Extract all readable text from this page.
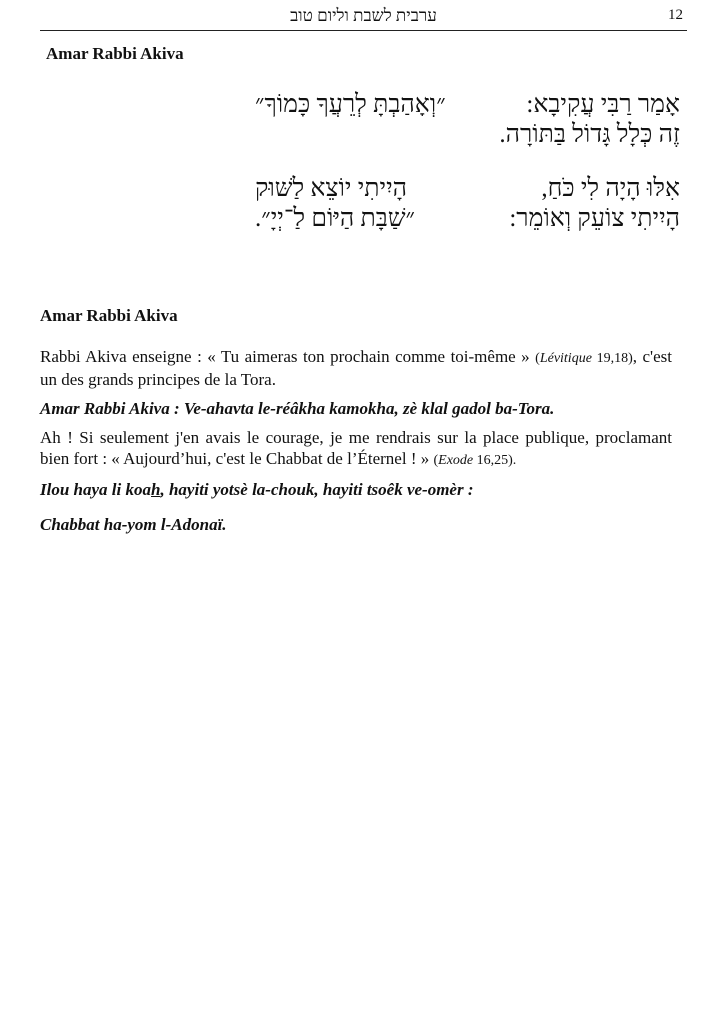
ערבית לשבת וליום טוב	12
Amar Rabbi Akiva
אָמַר רַבִּי עֲקִיבָא:
״וְאָהַבְתָּ לְרֵעֲךָ כָּמוֹךָ״
זֶה כְּלָל גָּדוֹל בַּתּוֹרָה.
אִלּוּ הָיָה לִי כֹּחַ,
הָיִיתִי יוֹצֵא לַשּׁוּק
הָיִיתִי צוֹעֵק וְאוֹמֵר:
״שַׁבָּת הַיּוֹם לַ־יְיָ״.
Amar Rabbi Akiva

Rabbi Akiva enseigne : « Tu aimeras ton prochain comme toi-même » (Lévitique 19,18), c'est un des grands principes de la Tora.

Amar Rabbi Akiva : Ve-ahavta le-réâkha kamokha, zè klal gadol ba-Tora.

Ah ! Si seulement j'en avais le courage, je me rendrais sur la place publique, proclamant bien fort : « Aujourd’hui, c'est le Chabbat de l’Éternel ! » (Exode 16,25).

Ilou haya li koah, hayiti yotsè la-chouk, hayiti tsoêk ve-omèr :

Chabbat ha-yom l-Adonaï.
